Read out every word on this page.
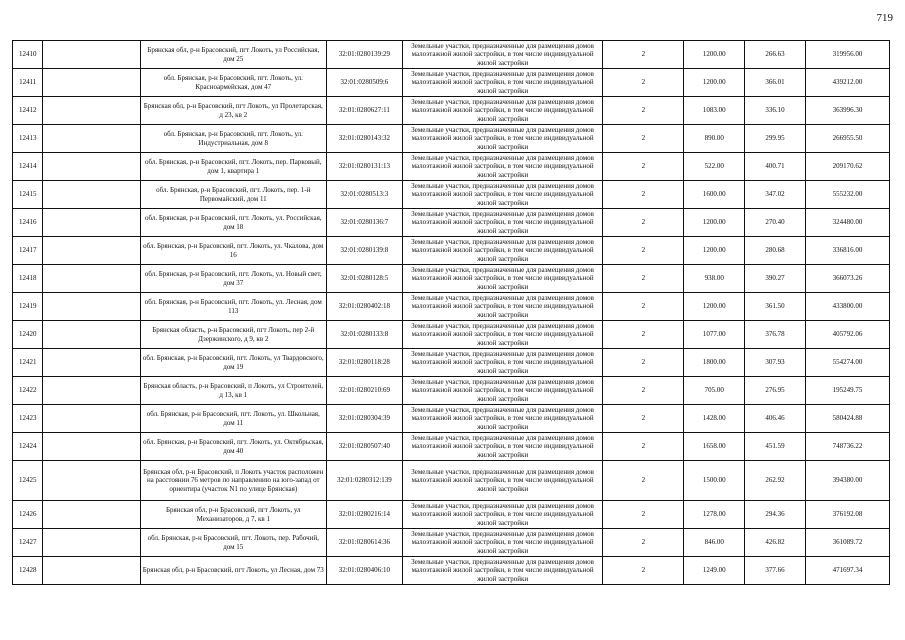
719
12410		Брянская обл, р-н Брасовский, пгт Локоть, ул Российская, дом 25	32:01:0280139:29	Земельные участки, предназначенные для размещения домов малоэтажной жилой застройки, в том числе индивидуальной жилой застройки	2	1200.00	266.63	319956.00
12411		обл. Брянская, р-н Брасовский, пгт. Локоть, ул. Красноармейская, дом 47	32:01:0280509:6	Земельные участки, предназначенные для размещения домов малоэтажной жилой застройки, в том числе индивидуальной жилой застройки	2	1200.00	366.01	439212.00
12412		Брянская обл, р-н Брасовский, пгт Локоть, ул Пролетарская, д 23, кв 2	32:01:0280627:11	Земельные участки, предназначенные для размещения домов малоэтажной жилой застройки, в том числе индивидуальной жилой застройки	2	1083.00	336.10	363996.30
12413		обл. Брянская, р-н Брасовский, пгт. Локоть, ул. Индустриальная, дом 8	32:01:0280143:32	Земельные участки, предназначенные для размещения домов малоэтажной жилой застройки, в том числе индивидуальной жилой застройки	2	890.00	299.95	266955.50
12414		обл. Брянская, р-н Брасовский, пгт. Локоть, пер. Парковый, дом 1, квартира 1	32:01:0280131:13	Земельные участки, предназначенные для размещения домов малоэтажной жилой застройки, в том числе индивидуальной жилой застройки	2	522.00	400.71	209170.62
12415		обл. Брянская, р-н Брасовский, пгт. Локоть, пер. 1-й Первомайский, дом 11	32:01:0280513:3	Земельные участки, предназначенные для размещения домов малоэтажной жилой застройки, в том числе индивидуальной жилой застройки	2	1600.00	347.02	555232.00
12416		обл. Брянская, р-н Брасовский, пгт. Локоть, ул. Российская, дом 18	32:01:0280136:7	Земельные участки, предназначенные для размещения домов малоэтажной жилой застройки, в том числе индивидуальной жилой застройки	2	1200.00	270.40	324480.00
12417		обл. Брянская, р-н Брасовский, пгт. Локоть, ул. Чкалова, дом 16	32:01:0280139:8	Земельные участки, предназначенные для размещения домов малоэтажной жилой застройки, в том числе индивидуальной жилой застройки	2	1200.00	280.68	336816.00
12418		обл. Брянская, р-н Брасовский, пгт. Локоть, ул. Новый свет, дом 37	32:01:0280128:5	Земельные участки, предназначенные для размещения домов малоэтажной жилой застройки, в том числе индивидуальной жилой застройки	2	938.00	390.27	366073.26
12419		обл. Брянская, р-н Брасовский, пгт. Локоть, ул. Лесная, дом 113	32:01:0280402:18	Земельные участки, предназначенные для размещения домов малоэтажной жилой застройки, в том числе индивидуальной жилой застройки	2	1200.00	361.50	433800.00
12420		Брянская область, р-н Брасовский, пгт Локоть, пер 2-й Дзержинского, д 9, кв 2	32:01:0280133:8	Земельные участки, предназначенные для размещения домов малоэтажной жилой застройки, в том числе индивидуальной жилой застройки	2	1077.00	376.78	405792.06
12421		обл. Брянская, р-н Брасовский, пгт. Локоть, ул Твардовского, дом 19	32:01:0280118:28	Земельные участки, предназначенные для размещения домов малоэтажной жилой застройки, в том числе индивидуальной жилой застройки	2	1800.00	307.93	554274.00
12422		Брянская область, р-н Брасовский, п Локоть, ул Строителей, д 13, кв 1	32:01:0280210:69	Земельные участки, предназначенные для размещения домов малоэтажной жилой застройки, в том числе индивидуальной жилой застройки	2	705.00	276.95	195249.75
12423		обл. Брянская, р-н Брасовский, пгт. Локоть, ул. Школьная, дом 11	32:01:0280304:39	Земельные участки, предназначенные для размещения домов малоэтажной жилой застройки, в том числе индивидуальной жилой застройки	2	1428.00	406.46	580424.88
12424		обл. Брянская, р-н Брасовский, пгт. Локоть, ул. Октябрьская, дом 40	32:01:0280507:40	Земельные участки, предназначенные для размещения домов малоэтажной жилой застройки, в том числе индивидуальной жилой застройки	2	1658.00	451.59	748736.22
12425		Брянская обл, р-н Брасовский, п Локоть участок расположен на расстоянии 76 метров по направлению на юго-запад от ориентира (участок N1 по улице Брянская)	32:01:0280312:139	Земельные участки, предназначенные для размещения домов малоэтажной жилой застройки, в том числе индивидуальной жилой застройки	2	1500.00	262.92	394380.00
12426		Брянская обл, р-н Брасовский, пгт Локоть, ул Механизаторов, д 7, кв 1	32:01:0280216:14	Земельные участки, предназначенные для размещения домов малоэтажной жилой застройки, в том числе индивидуальной жилой застройки	2	1278.00	294.36	376192.08
12427		обл. Брянская, р-н Брасовский, пгт. Локоть, пер. Рабочий, дом 15	32:01:0280614:36	Земельные участки, предназначенные для размещения домов малоэтажной жилой застройки, в том числе индивидуальной жилой застройки	2	846.00	426.82	361089.72
12428		Брянская обл, р-н Брасовский, пгт Локоть, ул Лесная, дом 73	32:01:0280406:10	Земельные участки, предназначенные для размещения домов малоэтажной жилой застройки, в том числе индивидуальной жилой застройки	2	1249.00	377.66	471697.34
